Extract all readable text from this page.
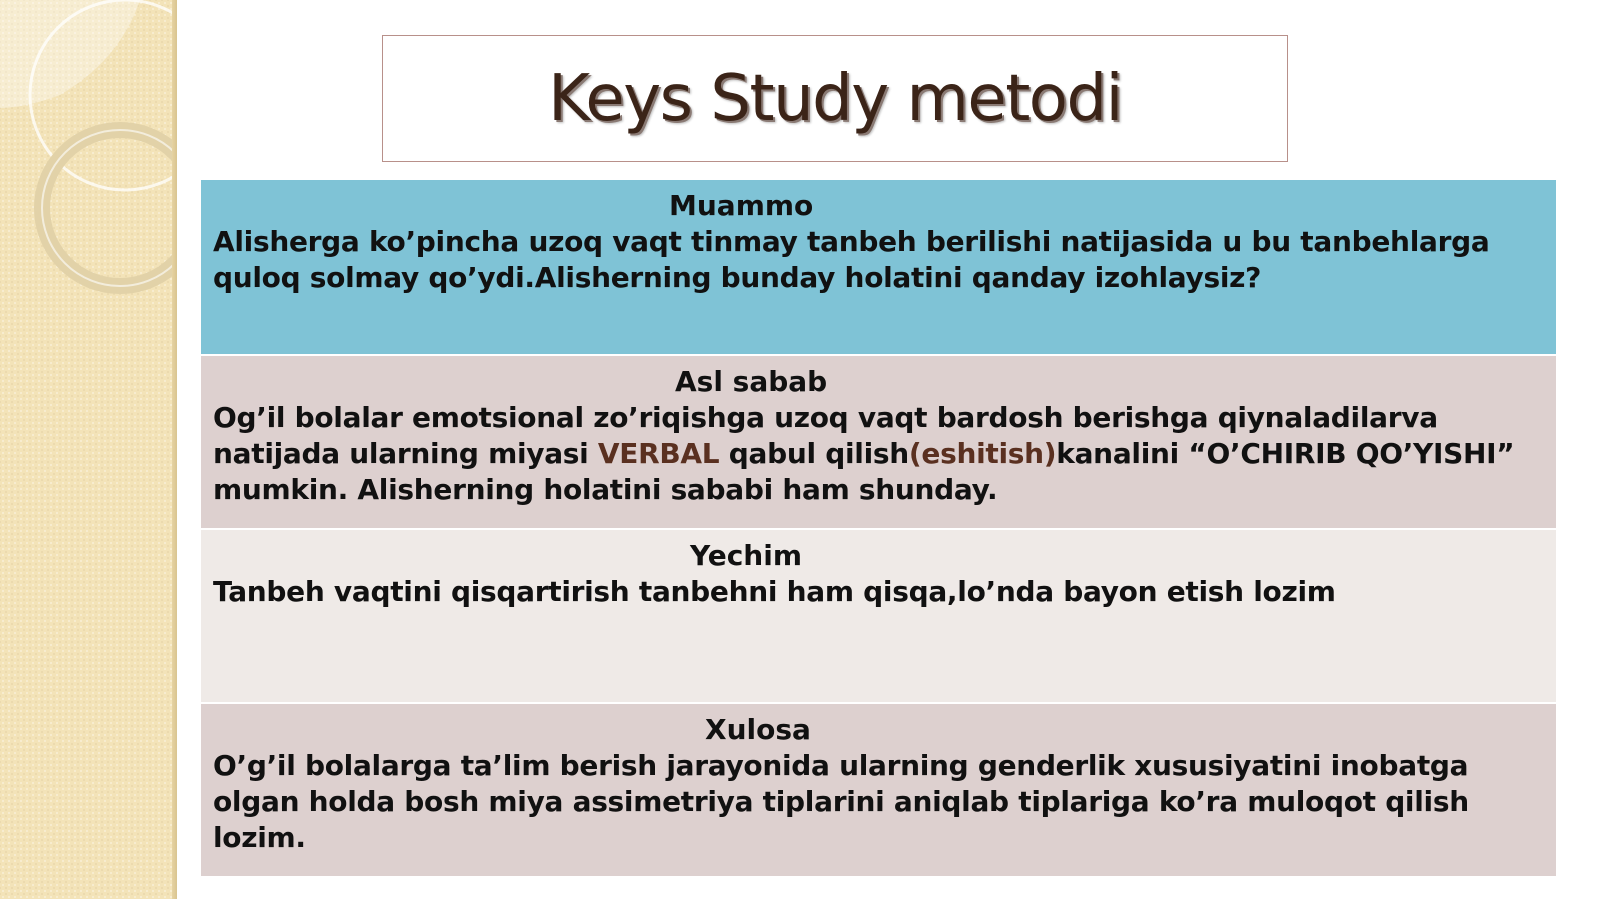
Keys Study metodi
Muammo
Alisherga ko’pincha uzoq vaqt tinmay tanbeh berilishi natijasida u bu tanbehlarga quloq solmay qo’ydi.Alisherning bunday holatini qanday izohlaysiz?
Asl sabab
Og’il bolalar emotsional zo’riqishga uzoq vaqt bardosh berishga qiynaladilarva natijada ularning miyasi VERBAL qabul qilish(eshitish)kanalini “O’CHIRIB QO’YISHI” mumkin. Alisherning holatini sababi ham shunday.
Yechim
Tanbeh vaqtini qisqartirish tanbehni ham qisqa,lo’nda bayon etish lozim
Xulosa
O’g’il bolalarga ta’lim berish jarayonida ularning genderlik xususiyatini inobatga olgan holda bosh miya assimetriya tiplarini aniqlab tiplariga ko’ra muloqot qilish lozim.
